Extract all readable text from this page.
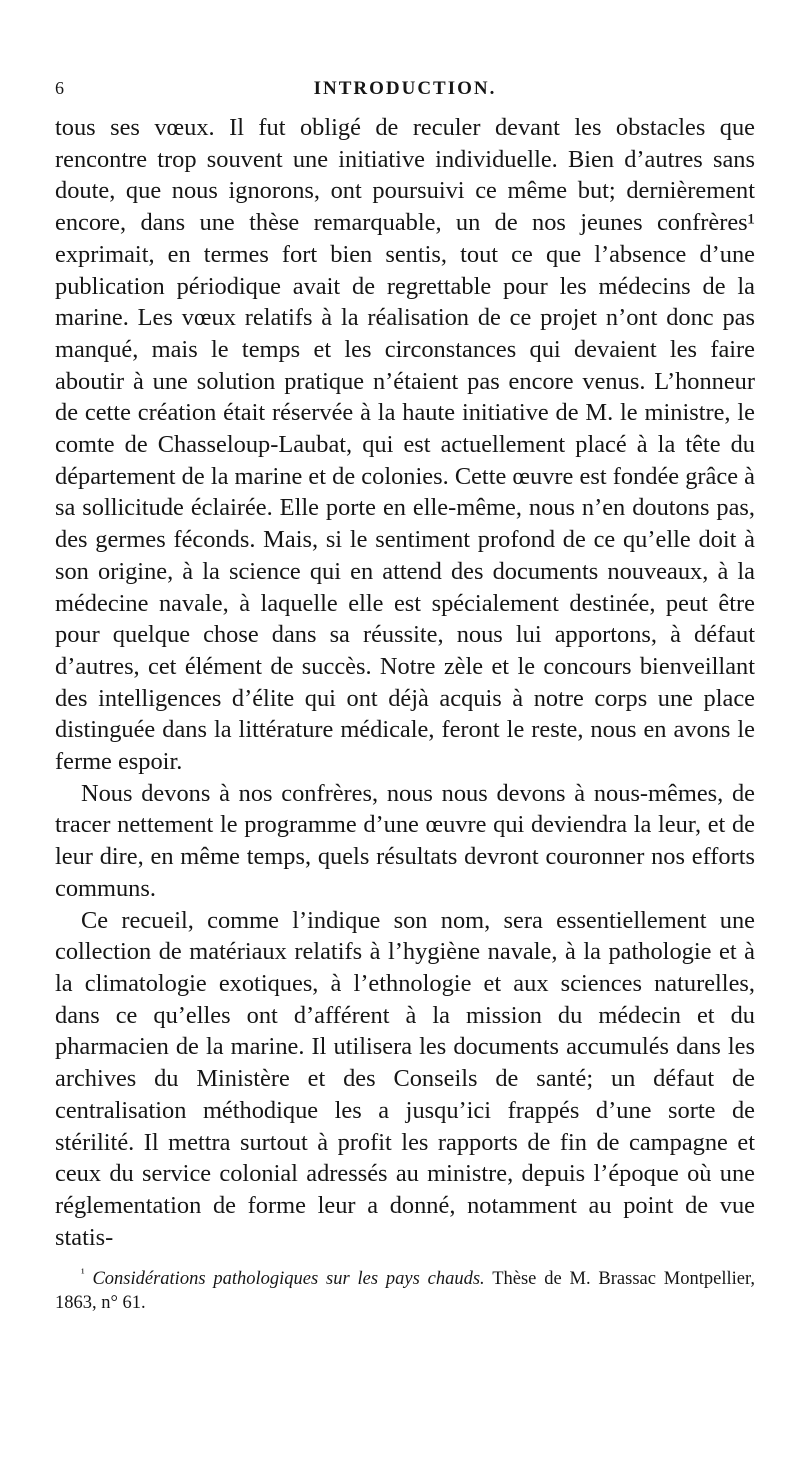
6	INTRODUCTION.

tous ses vœux. Il fut obligé de reculer devant les obstacles que rencontre trop souvent une initiative individuelle. Bien d’autres sans doute, que nous ignorons, ont poursuivi ce même but; dernièrement encore, dans une thèse remarquable, un de nos jeunes confrères¹ exprimait, en termes fort bien sentis, tout ce que l’absence d’une publication périodique avait de regrettable pour les médecins de la marine. Les vœux relatifs à la réalisation de ce projet n’ont donc pas manqué, mais le temps et les circonstances qui devaient les faire aboutir à une solution pratique n’étaient pas encore venus. L’honneur de cette création était réservée à la haute initiative de M. le ministre, le comte de Chasseloup-Laubat, qui est actuellement placé à la tête du département de la marine et de colonies. Cette œuvre est fondée grâce à sa sollicitude éclairée. Elle porte en elle-même, nous n’en doutons pas, des germes féconds. Mais, si le sentiment profond de ce qu’elle doit à son origine, à la science qui en attend des documents nouveaux, à la médecine navale, à laquelle elle est spécialement destinée, peut être pour quelque chose dans sa réussite, nous lui apportons, à défaut d’autres, cet élément de succès. Notre zèle et le concours bienveillant des intelligences d’élite qui ont déjà acquis à notre corps une place distinguée dans la littérature médicale, feront le reste, nous en avons le ferme espoir.

Nous devons à nos confrères, nous nous devons à nous-mêmes, de tracer nettement le programme d’une œuvre qui deviendra la leur, et de leur dire, en même temps, quels résultats devront couronner nos efforts communs.

Ce recueil, comme l’indique son nom, sera essentiellement une collection de matériaux relatifs à l’hygiène navale, à la pathologie et à la climatologie exotiques, à l’ethnologie et aux sciences naturelles, dans ce qu’elles ont d’afférent à la mission du médecin et du pharmacien de la marine. Il utilisera les documents accumulés dans les archives du Ministère et des Conseils de santé; un défaut de centralisation méthodique les a jusqu’ici frappés d’une sorte de stérilité. Il mettra surtout à profit les rapports de fin de campagne et ceux du service colonial adressés au ministre, depuis l’époque où une réglementation de forme leur a donné, notamment au point de vue statis-

$^{^1}$ Considérations pathologiques sur les pays chauds. Thèse de M. Brassac Montpellier, 1863, n° 61.
